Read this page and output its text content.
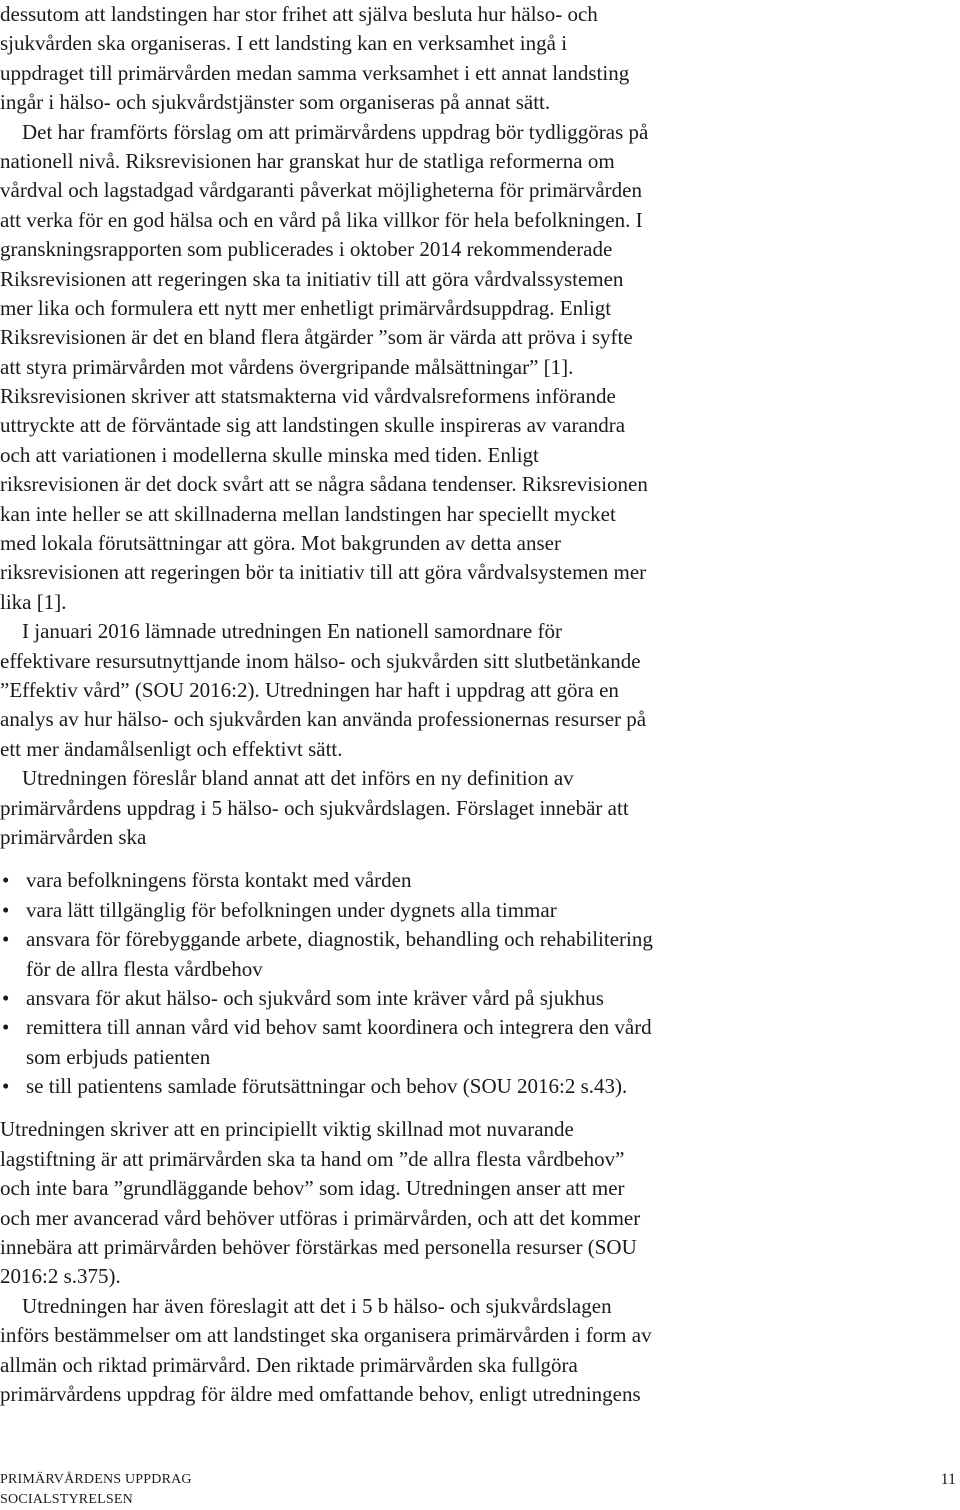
dessutom att landstingen har stor frihet att själva besluta hur hälso- och
sjukvården ska organiseras. I ett landsting kan en verksamhet ingå i
uppdraget till primärvården medan samma verksamhet i ett annat landsting
ingår i hälso- och sjukvårdstjänster som organiseras på annat sätt.
Det har framförts förslag om att primärvårdens uppdrag bör tydliggöras på
nationell nivå. Riksrevisionen har granskat hur de statliga reformerna om
vårdval och lagstadgad vårdgaranti påverkat möjligheterna för primärvården
att verka för en god hälsa och en vård på lika villkor för hela befolkningen. I
granskningsrapporten som publicerades i oktober 2014 rekommenderade
Riksrevisionen att regeringen ska ta initiativ till att göra vårdvalssystemen
mer lika och formulera ett nytt mer enhetligt primärvårdsuppdrag. Enligt
Riksrevisionen är det en bland flera åtgärder ”som är värda att pröva i syfte
att styra primärvården mot vårdens övergripande målsättningar” [1].
Riksrevisionen skriver att statsmakterna vid vårdvalsreformens införande
uttryckte att de förväntade sig att landstingen skulle inspireras av varandra
och att variationen i modellerna skulle minska med tiden. Enligt
riksrevisionen är det dock svårt att se några sådana tendenser. Riksrevisionen
kan inte heller se att skillnaderna mellan landstingen har speciellt mycket
med lokala förutsättningar att göra. Mot bakgrunden av detta anser
riksrevisionen att regeringen bör ta initiativ till att göra vårdvalsystemen mer
lika [1].
I januari 2016 lämnade utredningen En nationell samordnare för
effektivare resursutnyttjande inom hälso- och sjukvården sitt slutbetänkande
”Effektiv vård” (SOU 2016:2). Utredningen har haft i uppdrag att göra en
analys av hur hälso- och sjukvården kan använda professionernas resurser på
ett mer ändamålsenligt och effektivt sätt.
Utredningen föreslår bland annat att det införs en ny definition av
primärvårdens uppdrag i 5 hälso- och sjukvårdslagen. Förslaget innebär att
primärvården ska
• vara befolkningens första kontakt med vården
• vara lätt tillgänglig för befolkningen under dygnets alla timmar
• ansvara för förebyggande arbete, diagnostik, behandling och rehabilitering
för de allra flesta vårdbehov
• ansvara för akut hälso- och sjukvård som inte kräver vård på sjukhus
• remittera till annan vård vid behov samt koordinera och integrera den vård
som erbjuds patienten
• se till patientens samlade förutsättningar och behov (SOU 2016:2 s.43).
Utredningen skriver att en principiellt viktig skillnad mot nuvarande
lagstiftning är att primärvården ska ta hand om ”de allra flesta vårdbehov”
och inte bara ”grundläggande behov” som idag. Utredningen anser att mer
och mer avancerad vård behöver utföras i primärvården, och att det kommer
innebära att primärvården behöver förstärkas med personella resurser (SOU
2016:2 s.375).
Utredningen har även föreslagit att det i 5 b hälso- och sjukvårdslagen
införs bestämmelser om att landstinget ska organisera primärvården i form av
allmän och riktad primärvård. Den riktade primärvården ska fullgöra
primärvårdens uppdrag för äldre med omfattande behov, enligt utredningens
PRIMÄRVÅRDENS UPPDRAG
SOCIALSTYRELSEN
11
